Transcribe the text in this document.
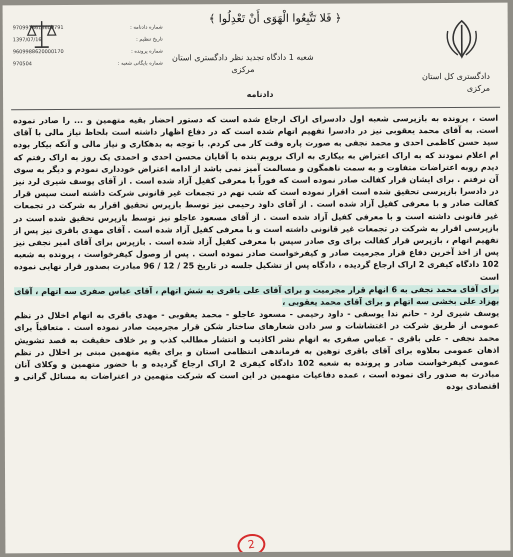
9709978618600791	شماره دادنامه :
1397/07/16	تاریخ تنظیم :
9609988620000170	شماره پرونده :
970504	شماره بایگانی شعبه :
﴿ فَلا تَتَّبِعُوا الْهَوَى أَنْ تَعْدِلُوا ﴾
دادگستری کل استان
مرکزی
شعبه 1 دادگاه تجدید نظر دادگستری استان
مرکزی
دادنامه

است ، پرونده به بازپرسی شعبه اول دادسرای اراک ارجاع شده است که دستور احضار بقیه متهمین و ... را صادر نموده است. به آقای محمد یعقوبی نیز در دادسرا تفهیم اتهام شده است که در دفاع اظهار داشته است بلحاظ نیاز مالی با آقای سید حسن کاظمی احدی و محمد نجفی به صورت پاره وقت کار می کردم. با توجه به بدهکاری و نیاز مالی و آنکه بیکار بوده ام اعلام نمودند که به اراک اعتراض به بیکاری به اراک برویم بنده با آقایان محسن احدی و احمدی یک روز به اراک رفتم که دیدم روبه اعتراضات متفاوت و به سمت ناهمگون و مسالمت آمیز نمی باشد از ادامه اعتراض خودداری نمودم و دیگر به سوی آن نرفتم . برای ایشان قرار کفالت صادر نموده است که فوراً با معرفی کفیل آزاد شده است . از آقای یوسف شیری لرد نیز در دادسرا بازپرسی تحقیق شده است اقرار نموده است که شب نهم در تجمعات غیر قانونی شرکت داشته است سپس قرار کفالت صادر و با معرفی کفیل آزاد شده است . از آقای داود رحیمی نیز توسط بازپرس تحقیق اقرار به شرکت در تجمعات غیر قانونی داشته است و با معرفی کفیل آزاد شده است . از آقای مسعود عاجلو نیز توسط بازپرس تحقیق شده است در بازپرسی اقرار به شرکت در تجمعات غیر قانونی داشته است و با معرفی کفیل آزاد شده است . آقای مهدی باقری نیز پس از تفهیم اتهام ، بازپرس قرار کفالت برای وی صادر سپس با معرفی کفیل آزاد شده است . بازپرس برای آقای امیر نجفی نیز پس از اخذ آخرین دفاع قرار مجرمیت صادر و کیفرخواست صادر نموده است . پس از وصول کیفرخواست ، پرونده به شعبه 102 دادگاه کیفری 2 اراک ارجاع گردیده ، دادگاه پس از تشکیل جلسه در تاریخ 25 / 12 / 96 مبادرت بصدور قرار نهایی نموده است

برای آقای محمد نجفی به 6 انهام قرار مجرمیت و برای آقای علی باقری به شش اتهام ، آقای عباس صفری سه اتهام ، آقای بهزاد علی بخشی سه اتهام و برای آقای محمد یعقوبی ،

یوسف شیری لرد - حانم ندا یوسفی - داود رحیمی - مسعود عاجلو - محمد یعقوبی - مهدی باقری به اتهام اخلال در نظم عمومی از طریق شرکت در اغتشاشات و سر دادن شعارهای ساختار شکن قرار مجرمیت صادر نموده است . متعاقباً برای محمد نجفی - علی باقری - عباس صفری به اتهام نشر اکاذیب و انتشار مطالب کذب و بر خلاف حقیقت به قصد تشویش اذهان عمومی بعلاوه برای آقای باقری توهین به فرماندهی انتظامی استان و برای بقیه متهمین مبنی بر اخلال در نظم عمومی کیفرخواست صادر و پرونده به شعبه 102 دادگاه کیفری 2 اراک ارجاع گردیده و با حضور متهمین و وکلای آنان مبادرت به صدور رای نموده است ، عمده دفاعیات متهمین در این است که شرکت متهمین در اعتراضات به مسائل گرانی و اقتصادی بوده

2
